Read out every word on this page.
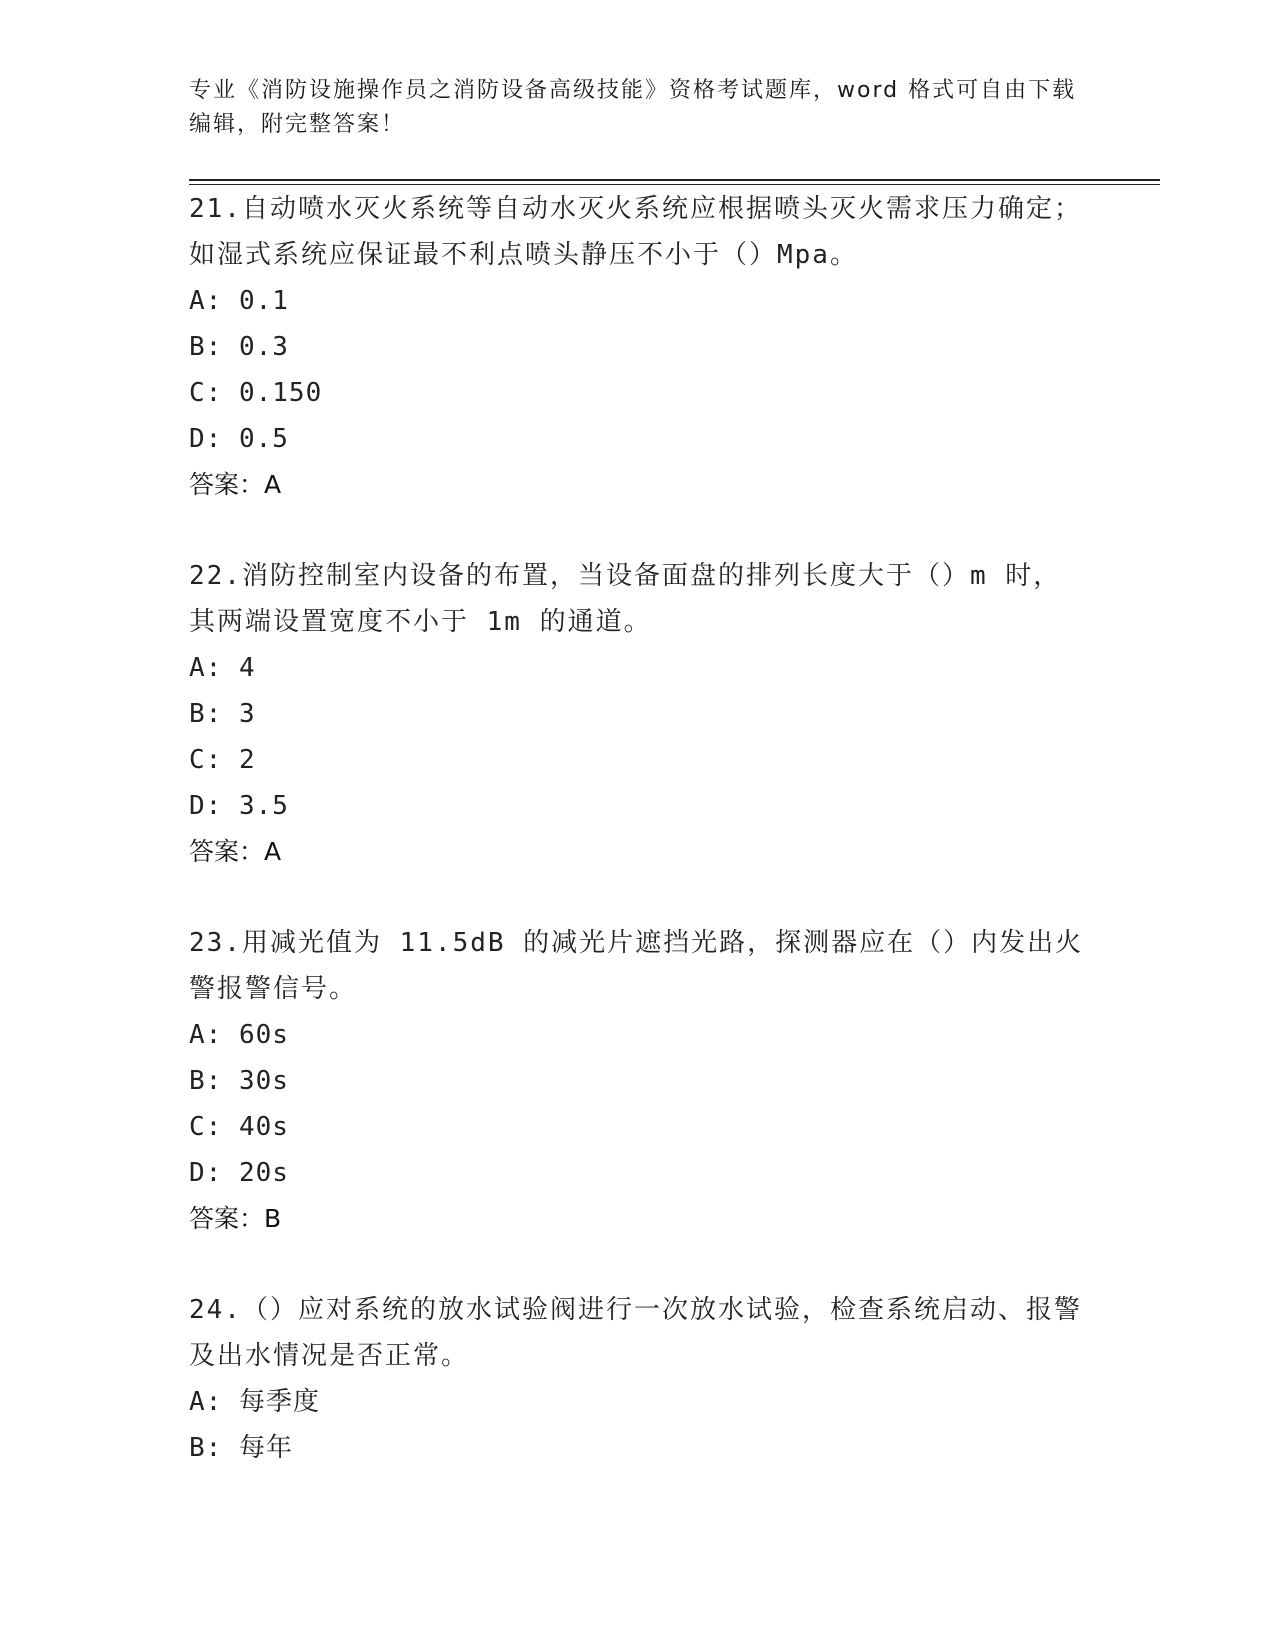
专业《消防设施操作员之消防设备高级技能》资格考试题库，word 格式可自由下载编辑，附完整答案！

21.自动喷水灭火系统等自动水灭火系统应根据喷头灭火需求压力确定；如湿式系统应保证最不利点喷头静压不小于（）Mpa。

A: 0.1

B: 0.3

C: 0.150

D: 0.5

答案：A

22.消防控制室内设备的布置，当设备面盘的排列长度大于（）m 时，其两端设置宽度不小于 1m 的通道。

A: 4

B: 3

C: 2

D: 3.5

答案：A

23.用减光值为 11.5dB 的减光片遮挡光路，探测器应在（）内发出火警报警信号。

A: 60s

B: 30s

C: 40s

D: 20s

答案：B

24.（）应对系统的放水试验阀进行一次放水试验，检查系统启动、报警及出水情况是否正常。

A: 每季度

B: 每年
